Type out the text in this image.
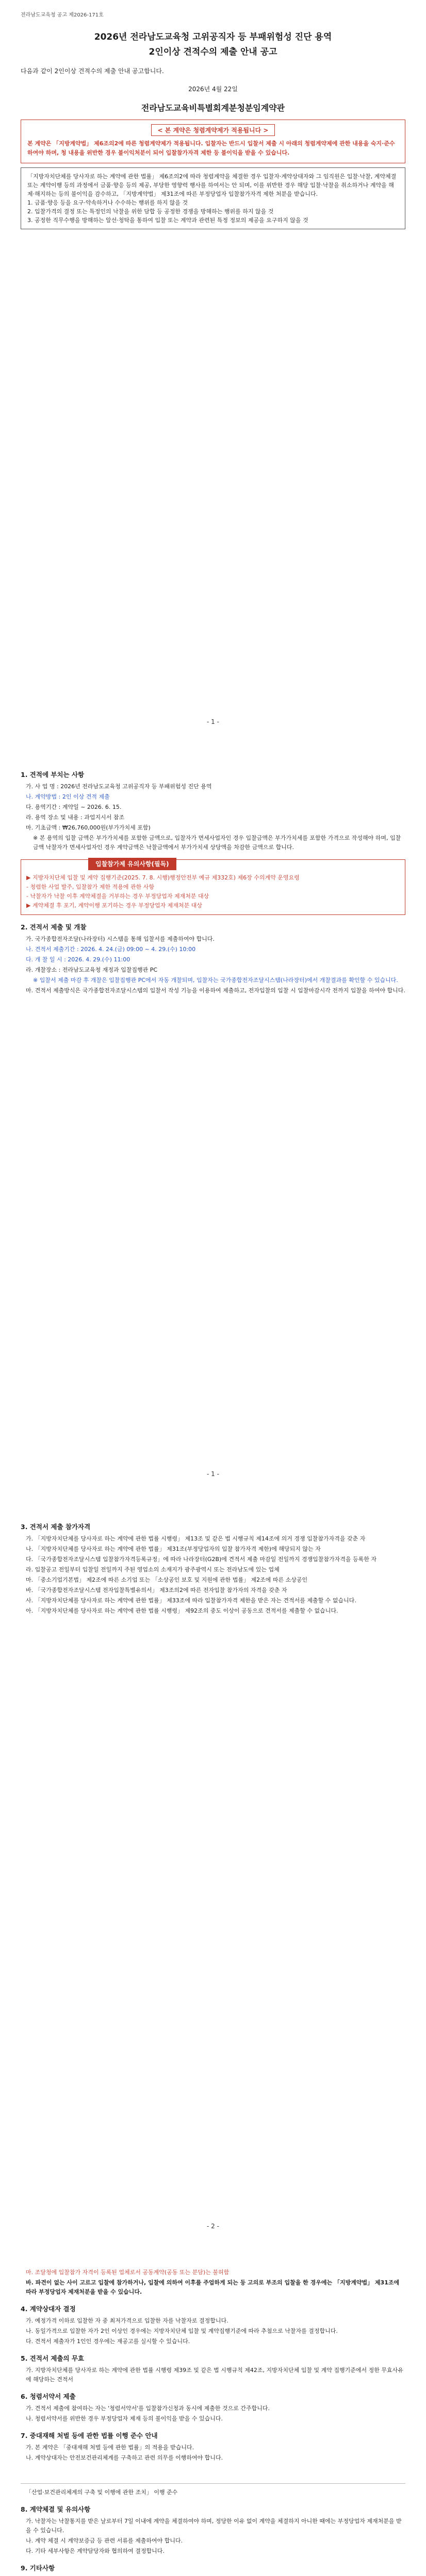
전라남도교육청 공고 제2026-171호
2026년 전라남도교육청 고위공직자 등 부패위험성 진단 용역
2인이상 견적수의 제출 안내 공고
다음과 같이 2인이상 견적수의 제출 안내 공고합니다.
2026년 4월 22일
전라남도교육비특별회계분청분임계약관
< 본 계약은 청렴계약제가 적용됩니다 >
본 계약은 「지방계약법」 제6조의2에 따른 청렴계약제가 적용됩니다. 입찰자는 반드시 입찰서 제출 시 아래의 청렴계약제에 관한 내용을 숙지·준수하여야 하며, 청 내용을 위반한 경우 불이익처분이 되어 입찰참가자격 제한 등 불이익을 받을 수 있습니다.
「지방자치단체를 당사자로 하는 계약에 관한 법률」 제6조의2에 따라 청렴계약을 체결한 경우 입찰자·계약상대자와 그 임직원은 입찰·낙찰, 계약체결 또는 계약이행 등의 과정에서 금품·향응 등의 제공, 부당한 영향력 행사를 하여서는 안 되며, 이를 위반한 경우 해당 입찰·낙찰을 취소하거나 계약을 해제·해지하는 등의 불이익을 감수하고, 「지방계약법」 제31조에 따른 부정당업자 입찰참가자격 제한 처분을 받습니다.
1. 금품·향응 등을 요구·약속하거나 수수하는 행위를 하지 않을 것
2. 입찰가격의 결정 또는 특정인의 낙찰을 위한 담합 등 공정한 경쟁을 방해하는 행위를 하지 않을 것
3. 공정한 직무수행을 방해하는 알선·청탁을 통하여 입찰 또는 계약과 관련된 특정 정보의 제공을 요구하지 않을 것
- 1 -
1. 견적에 부치는 사항
가. 사 업 명 : 2026년 전라남도교육청 고위공직자 등 부패위험성 진단 용역
나. 계약방법 : 2인 이상 견적 제출
다. 용역기간 : 계약일 ~ 2026. 6. 15.
라. 용역 장소 및 내용 : 과업지시서 참조
마. 기초금액 : ₩26,760,000원(부가가치세 포함)
※ 본 용역의 입찰 금액은 부가가치세를 포함한 금액으로, 입찰자가 면세사업자인 경우 입찰금액은 부가가치세를 포함한 가격으로 작성해야 하며, 입찰금액 낙찰자가 면세사업자인 경우 계약금액은 낙찰금액에서 부가가치세 상당액을 차감한 금액으로 합니다.
입찰참가제 유의사항(필독)
▶ 지방자치단체 입찰 및 계약 집행기준(2025. 7. 8. 시행)행정안전부 예규 제332호) 제6장 수의계약 운영요령
- 청렴한 사업 발주, 입찰참가 제한 적용에 관한 사항
- 낙찰자가 낙찰 이후 계약체결을 거부하는 경우 부정당업자 제재처분 대상
▶ 계약체결 후 포기, 계약이행 포기하는 경우 부정당업자 제재처분 대상
2. 견적서 제출 및 개찰
가. 국가종합전자조달(나라장터) 시스템을 통해 입찰서를 제출하여야 합니다.
나. 견적서 제출기간 : 2026. 4. 24.(금) 09:00 ~ 4. 29.(수) 10:00
다. 개 찰 일 시 : 2026. 4. 29.(수) 11:00
라. 개찰장소 : 전라남도교육청 재정과 입찰집행관 PC
※ 입찰서 제출 마감 후 개찰은 입찰집행관 PC에서 자동 개찰되며, 입찰자는 국가종합전자조달시스템(나라장터)에서 개찰결과를 확인할 수 있습니다.
마. 견적서 제출방식은 국가종합전자조달시스템의 입찰서 작성 기능을 이용하여 제출하고, 전자입찰의 입찰 시 입찰마감시각 전까지 입찰을 하여야 합니다.
- 1 -
3. 견적서 제출 참가자격
가. 「지방자치단체를 당사자로 하는 계약에 관한 법률 시행령」 제13조 및 같은 법 시행규칙 제14조에 의거 경쟁 입찰참가자격을 갖춘 자
나. 「지방자치단체를 당사자로 하는 계약에 관한 법률」 제31조(부정당업자의 입찰 참가자격 제한)에 해당되지 않는 자
다. 「국가종합전자조달시스템 입찰참가자격등록규정」에 따라 나라장터(G2B)에 견적서 제출 마감일 전일까지 경쟁입찰참가자격을 등록한 자
라. 입찰공고 전일부터 입찰일 전일까지 주된 영업소의 소재지가 광주광역시 또는 전라남도에 있는 업체
마. 「중소기업기본법」 제2조에 따른 소기업 또는 「소상공인 보호 및 지원에 관한 법률」 제2조에 따른 소상공인
바. 「국가종합전자조달시스템 전자입찰특별유의서」 제3조의2에 따른 전자입찰 참가자의 자격을 갖춘 자
사. 「지방자치단체를 당사자로 하는 계약에 관한 법률」 제33조에 따라 입찰참가자격 제한을 받은 자는 견적서를 제출할 수 없습니다.
아. 「지방자치단체를 당사자로 하는 계약에 관한 법률 시행령」 제92조의 중도 이상이 공동으로 견적서를 제출할 수 없습니다.
- 2 -
마. 조달청에 입찰참가 자격이 등록된 업체로서 공동계약(공동 또는 분담)는 불허함
바. 파견이 없는 사이 고르고 입찰에 참가하거나, 입찰에 의하여 이후를 주업하게 되는 등 고의로 부조의 입찰을 한 경우에는 「지방계약법」 제31조에 따라 부정당업자 제재처분을 받을 수 있습니다.
4. 계약상대자 결정
가. 예정가격 이하로 입찰한 자 중 최저가격으로 입찰한 자를 낙찰자로 결정합니다.
나. 동일가격으로 입찰한 자가 2인 이상인 경우에는 지방자치단체 입찰 및 계약집행기준에 따라 추첨으로 낙찰자를 결정합니다.
다. 견적서 제출자가 1인인 경우에는 재공고를 실시할 수 있습니다.
5. 견적서 제출의 무효
가. 지방자치단체를 당사자로 하는 계약에 관한 법률 시행령 제39조 및 같은 법 시행규칙 제42조, 지방자치단체 입찰 및 계약 집행기준에서 정한 무효사유에 해당하는 견적서
6. 청렴서약서 제출
가. 견적서 제출에 참여하는 자는 '청렴서약서'를 입찰참가신청과 동시에 제출한 것으로 간주합니다.
나. 청렴서약서를 위반한 경우 부정당업자 제재 등의 불이익을 받을 수 있습니다.
7. 중대재해 처벌 등에 관한 법률 이행 준수 안내
가. 본 계약은 「중대재해 처벌 등에 관한 법률」의 적용을 받습니다.
나. 계약상대자는 안전보건관리체계를 구축하고 관련 의무를 이행하여야 합니다.
「산업·보건관리체계의 구축 및 이행에 관한 조치」 이행 준수
8. 계약체결 및 유의사항
가. 낙찰자는 낙찰통지를 받은 날로부터 7일 이내에 계약을 체결하여야 하며, 정당한 이유 없이 계약을 체결하지 아니한 때에는 부정당업자 제재처분을 받을 수 있습니다.
나. 계약 체결 시 계약보증금 등 관련 서류를 제출하여야 합니다.
다. 기타 세부사항은 계약담당자와 협의하여 결정합니다.
9. 기타사항
